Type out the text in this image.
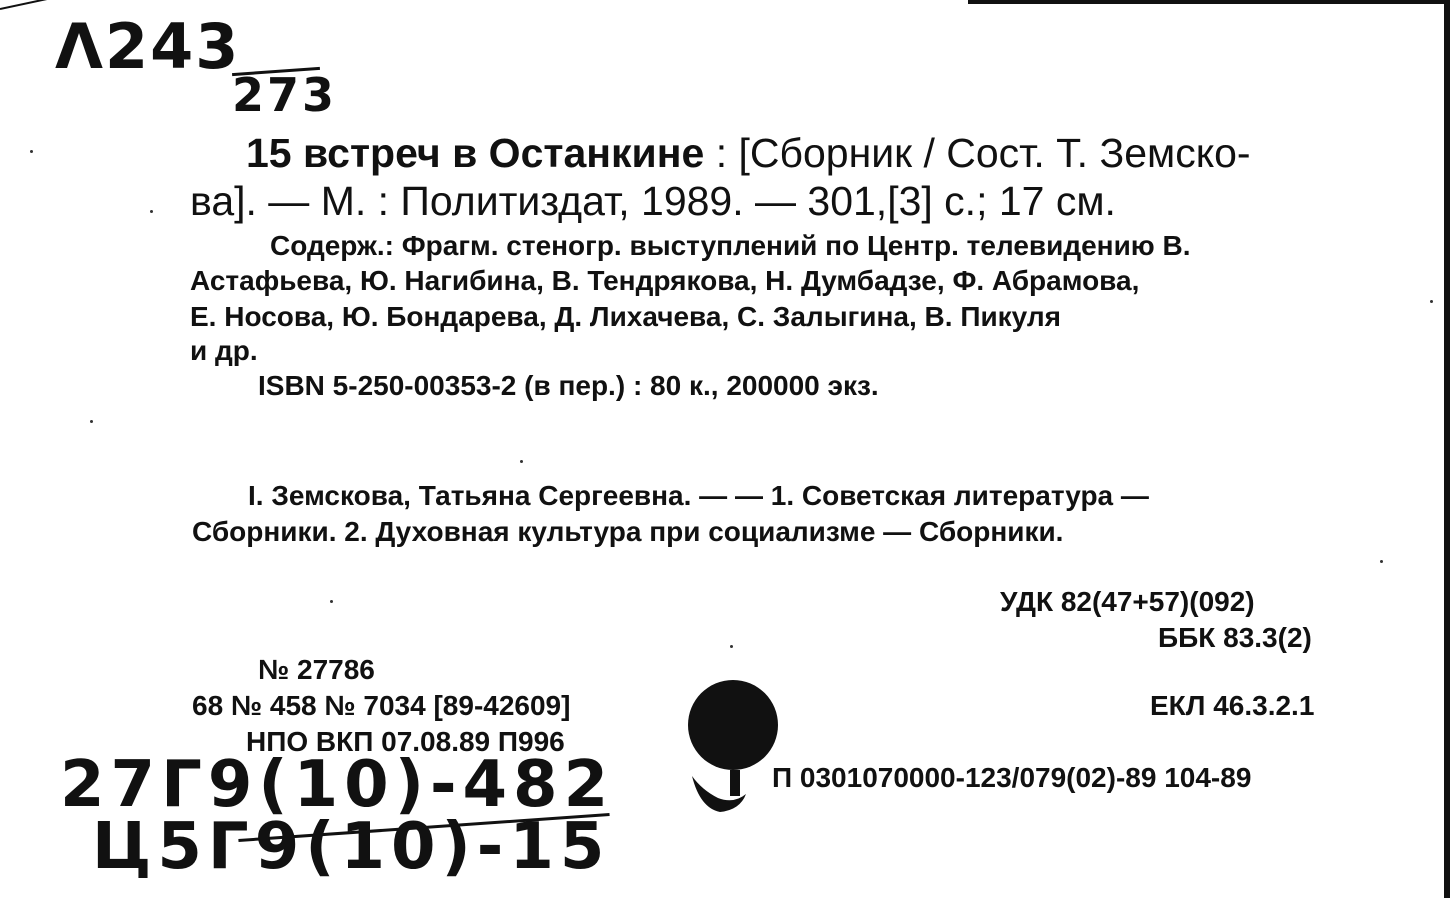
Λ243
273
15 встреч в Останкине : [Сборник / Сост. Т. Земско-
ва]. — М. : Политиздат, 1989. — 301,[3] с.; 17 см.
Содерж.: Фрагм. стеногр. выступлений по Центр. телевидению В.
Астафьева, Ю. Нагибина, В. Тендрякова, Н. Думбадзе, Ф. Абрамова,
Е. Носова, Ю. Бондарева, Д. Лихачева, С. Залыгина, В. Пикуля
и др.
ISBN 5-250-00353-2 (в пер.) : 80 к., 200000 экз.
I. Земскова, Татьяна Сергеевна. — — 1. Советская литература —
Сборники. 2. Духовная культура при социализме — Сборники.
УДК 82(47+57)(092)
ББК 83.3(2)
ЕКЛ 46.3.2.1
№ 27786
68 № 458 № 7034 [89-42609]
НПО ВКП 07.08.89 П996
П 0301070000-123/079(02)-89 104-89
27Г9(10)-482
Ц5Г9(10)-15
